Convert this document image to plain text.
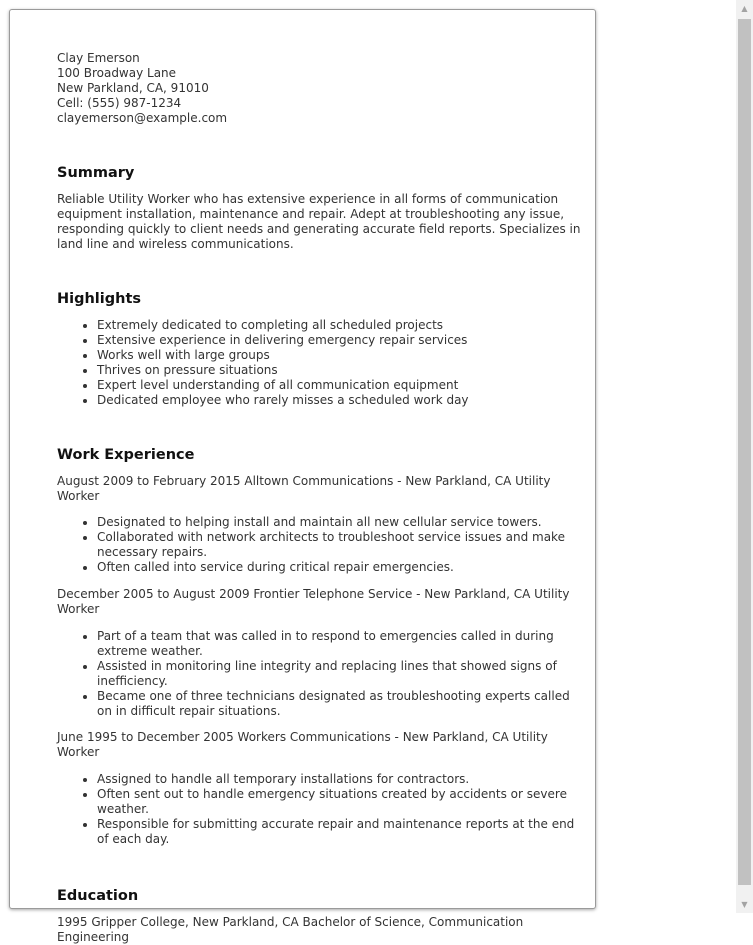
Clay Emerson
100 Broadway Lane
New Parkland, CA, 91010
Cell: (555) 987-1234
clayemerson@example.com
Summary

Reliable Utility Worker who has extensive experience in all forms of communication equipment installation, maintenance and repair. Adept at troubleshooting any issue, responding quickly to client needs and generating accurate field reports. Specializes in land line and wireless communications.

Highlights
• Extremely dedicated to completing all scheduled projects
• Extensive experience in delivering emergency repair services
• Works well with large groups
• Thrives on pressure situations
• Expert level understanding of all communication equipment
• Dedicated employee who rarely misses a scheduled work day
Work Experience

August 2009 to February 2015 Alltown Communications - New Parkland, CA Utility Worker

• Designated to helping install and maintain all new cellular service towers.
• Collaborated with network architects to troubleshoot service issues and make necessary repairs.
• Often called into service during critical repair emergencies.

December 2005 to August 2009 Frontier Telephone Service - New Parkland, CA Utility Worker

• Part of a team that was called in to respond to emergencies called in during extreme weather.
• Assisted in monitoring line integrity and replacing lines that showed signs of inefficiency.
• Became one of three technicians designated as troubleshooting experts called on in difficult repair situations.

June 1995 to December 2005 Workers Communications - New Parkland, CA Utility Worker

• Assigned to handle all temporary installations for contractors.
• Often sent out to handle emergency situations created by accidents or severe weather.
• Responsible for submitting accurate repair and maintenance reports at the end of each day.
Education

1995 Gripper College, New Parkland, CA Bachelor of Science, Communication Engineering

▲
▼
